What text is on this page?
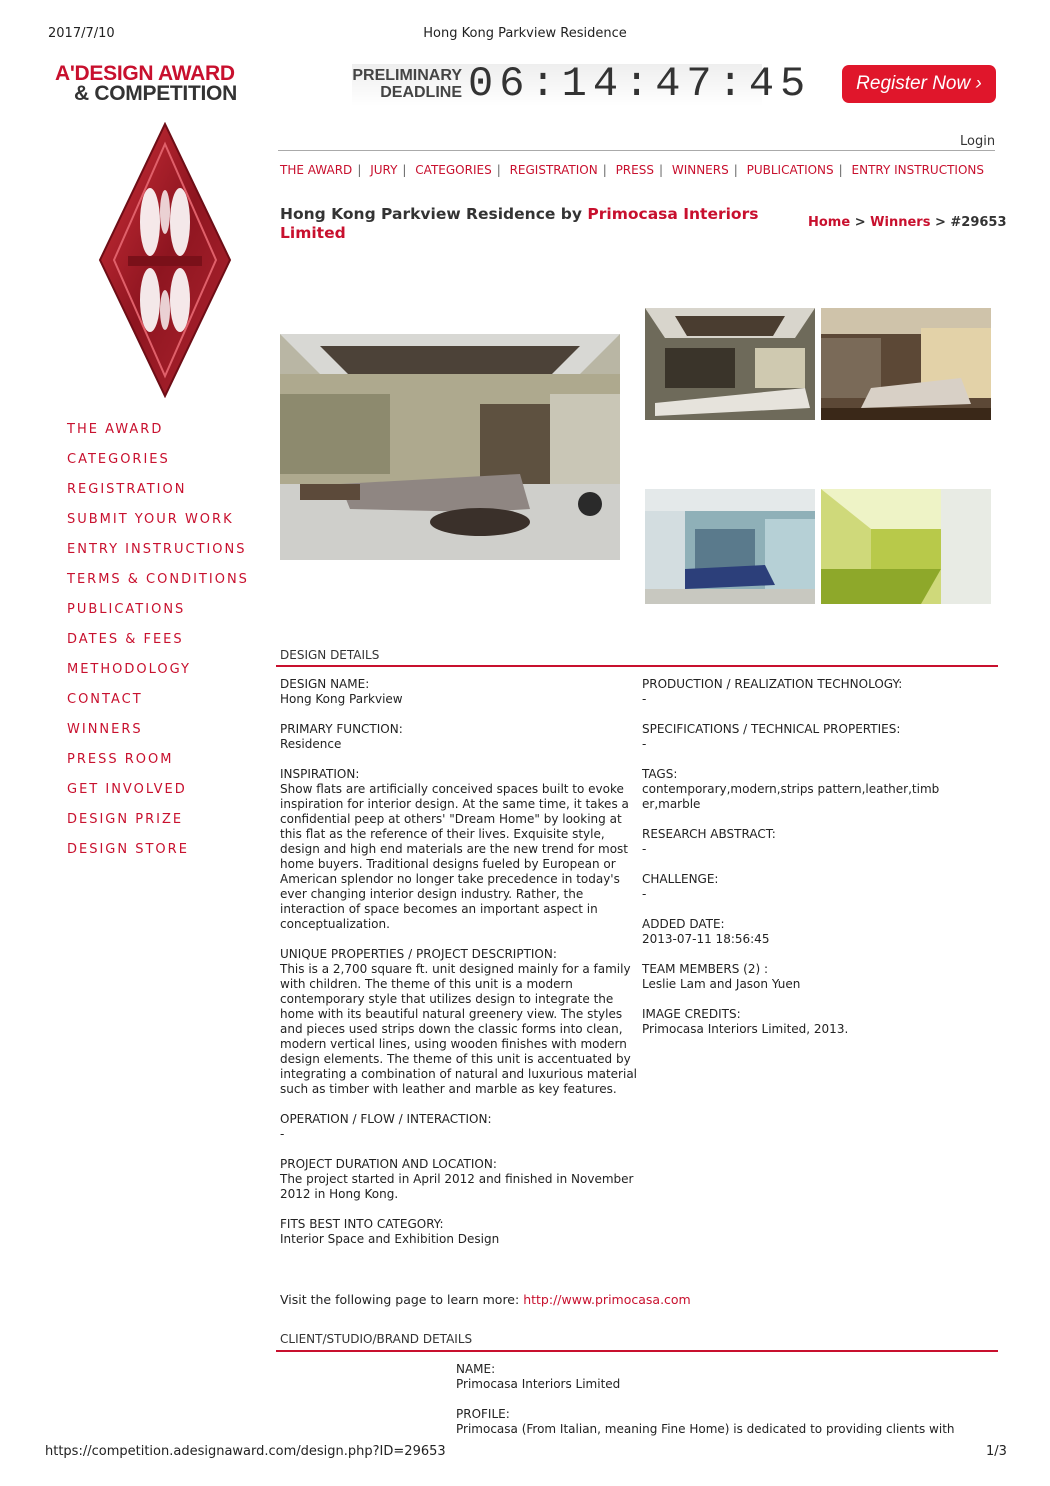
2017/7/10	Hong Kong Parkview Residence
A'DESIGN AWARD
& COMPETITION
PRELIMINARY
DEADLINE 06:14:47:45	Register Now ›
Login
THE AWARD | JURY | CATEGORIES | REGISTRATION | PRESS | WINNERS | PUBLICATIONS | ENTRY INSTRUCTIONS
THE AWARD
CATEGORIES
REGISTRATION
SUBMIT YOUR WORK
ENTRY INSTRUCTIONS
TERMS & CONDITIONS
PUBLICATIONS
DATES & FEES
METHODOLOGY
CONTACT
WINNERS
PRESS ROOM
GET INVOLVED
DESIGN PRIZE
DESIGN STORE
Hong Kong Parkview Residence by Primocasa Interiors Limited
Home > Winners > #29653
DESIGN DETAILS
DESIGN NAME:
Hong Kong Parkview
PRIMARY FUNCTION:
Residence
INSPIRATION:
Show flats are artificially conceived spaces built to evoke inspiration for interior design. At the same time, it takes a confidential peep at others' "Dream Home" by looking at this flat as the reference of their lives. Exquisite style, design and high end materials are the new trend for most home buyers. Traditional designs fueled by European or American splendor no longer take precedence in today's ever changing interior design industry. Rather, the interaction of space becomes an important aspect in conceptualization.
UNIQUE PROPERTIES / PROJECT DESCRIPTION:
This is a 2,700 square ft. unit designed mainly for a family with children. The theme of this unit is a modern contemporary style that utilizes design to integrate the home with its beautiful natural greenery view. The styles and pieces used strips down the classic forms into clean, modern vertical lines, using wooden finishes with modern design elements. The theme of this unit is accentuated by integrating a combination of natural and luxurious material such as timber with leather and marble as key features.
OPERATION / FLOW / INTERACTION:
-
PROJECT DURATION AND LOCATION:
The project started in April 2012 and finished in November 2012 in Hong Kong.
FITS BEST INTO CATEGORY:
Interior Space and Exhibition Design
PRODUCTION / REALIZATION TECHNOLOGY:
-
SPECIFICATIONS / TECHNICAL PROPERTIES:
-
TAGS:
contemporary,modern,strips pattern,leather,timber,marble
RESEARCH ABSTRACT:
-
CHALLENGE:
-
ADDED DATE:
2013-07-11 18:56:45
TEAM MEMBERS (2) :
Leslie Lam and Jason Yuen
IMAGE CREDITS:
Primocasa Interiors Limited, 2013.
Visit the following page to learn more: http://www.primocasa.com
CLIENT/STUDIO/BRAND DETAILS
NAME:
Primocasa Interiors Limited
PROFILE:
Primocasa (From Italian, meaning Fine Home) is dedicated to providing clients with
https://competition.adesignaward.com/design.php?ID=29653	1/3
